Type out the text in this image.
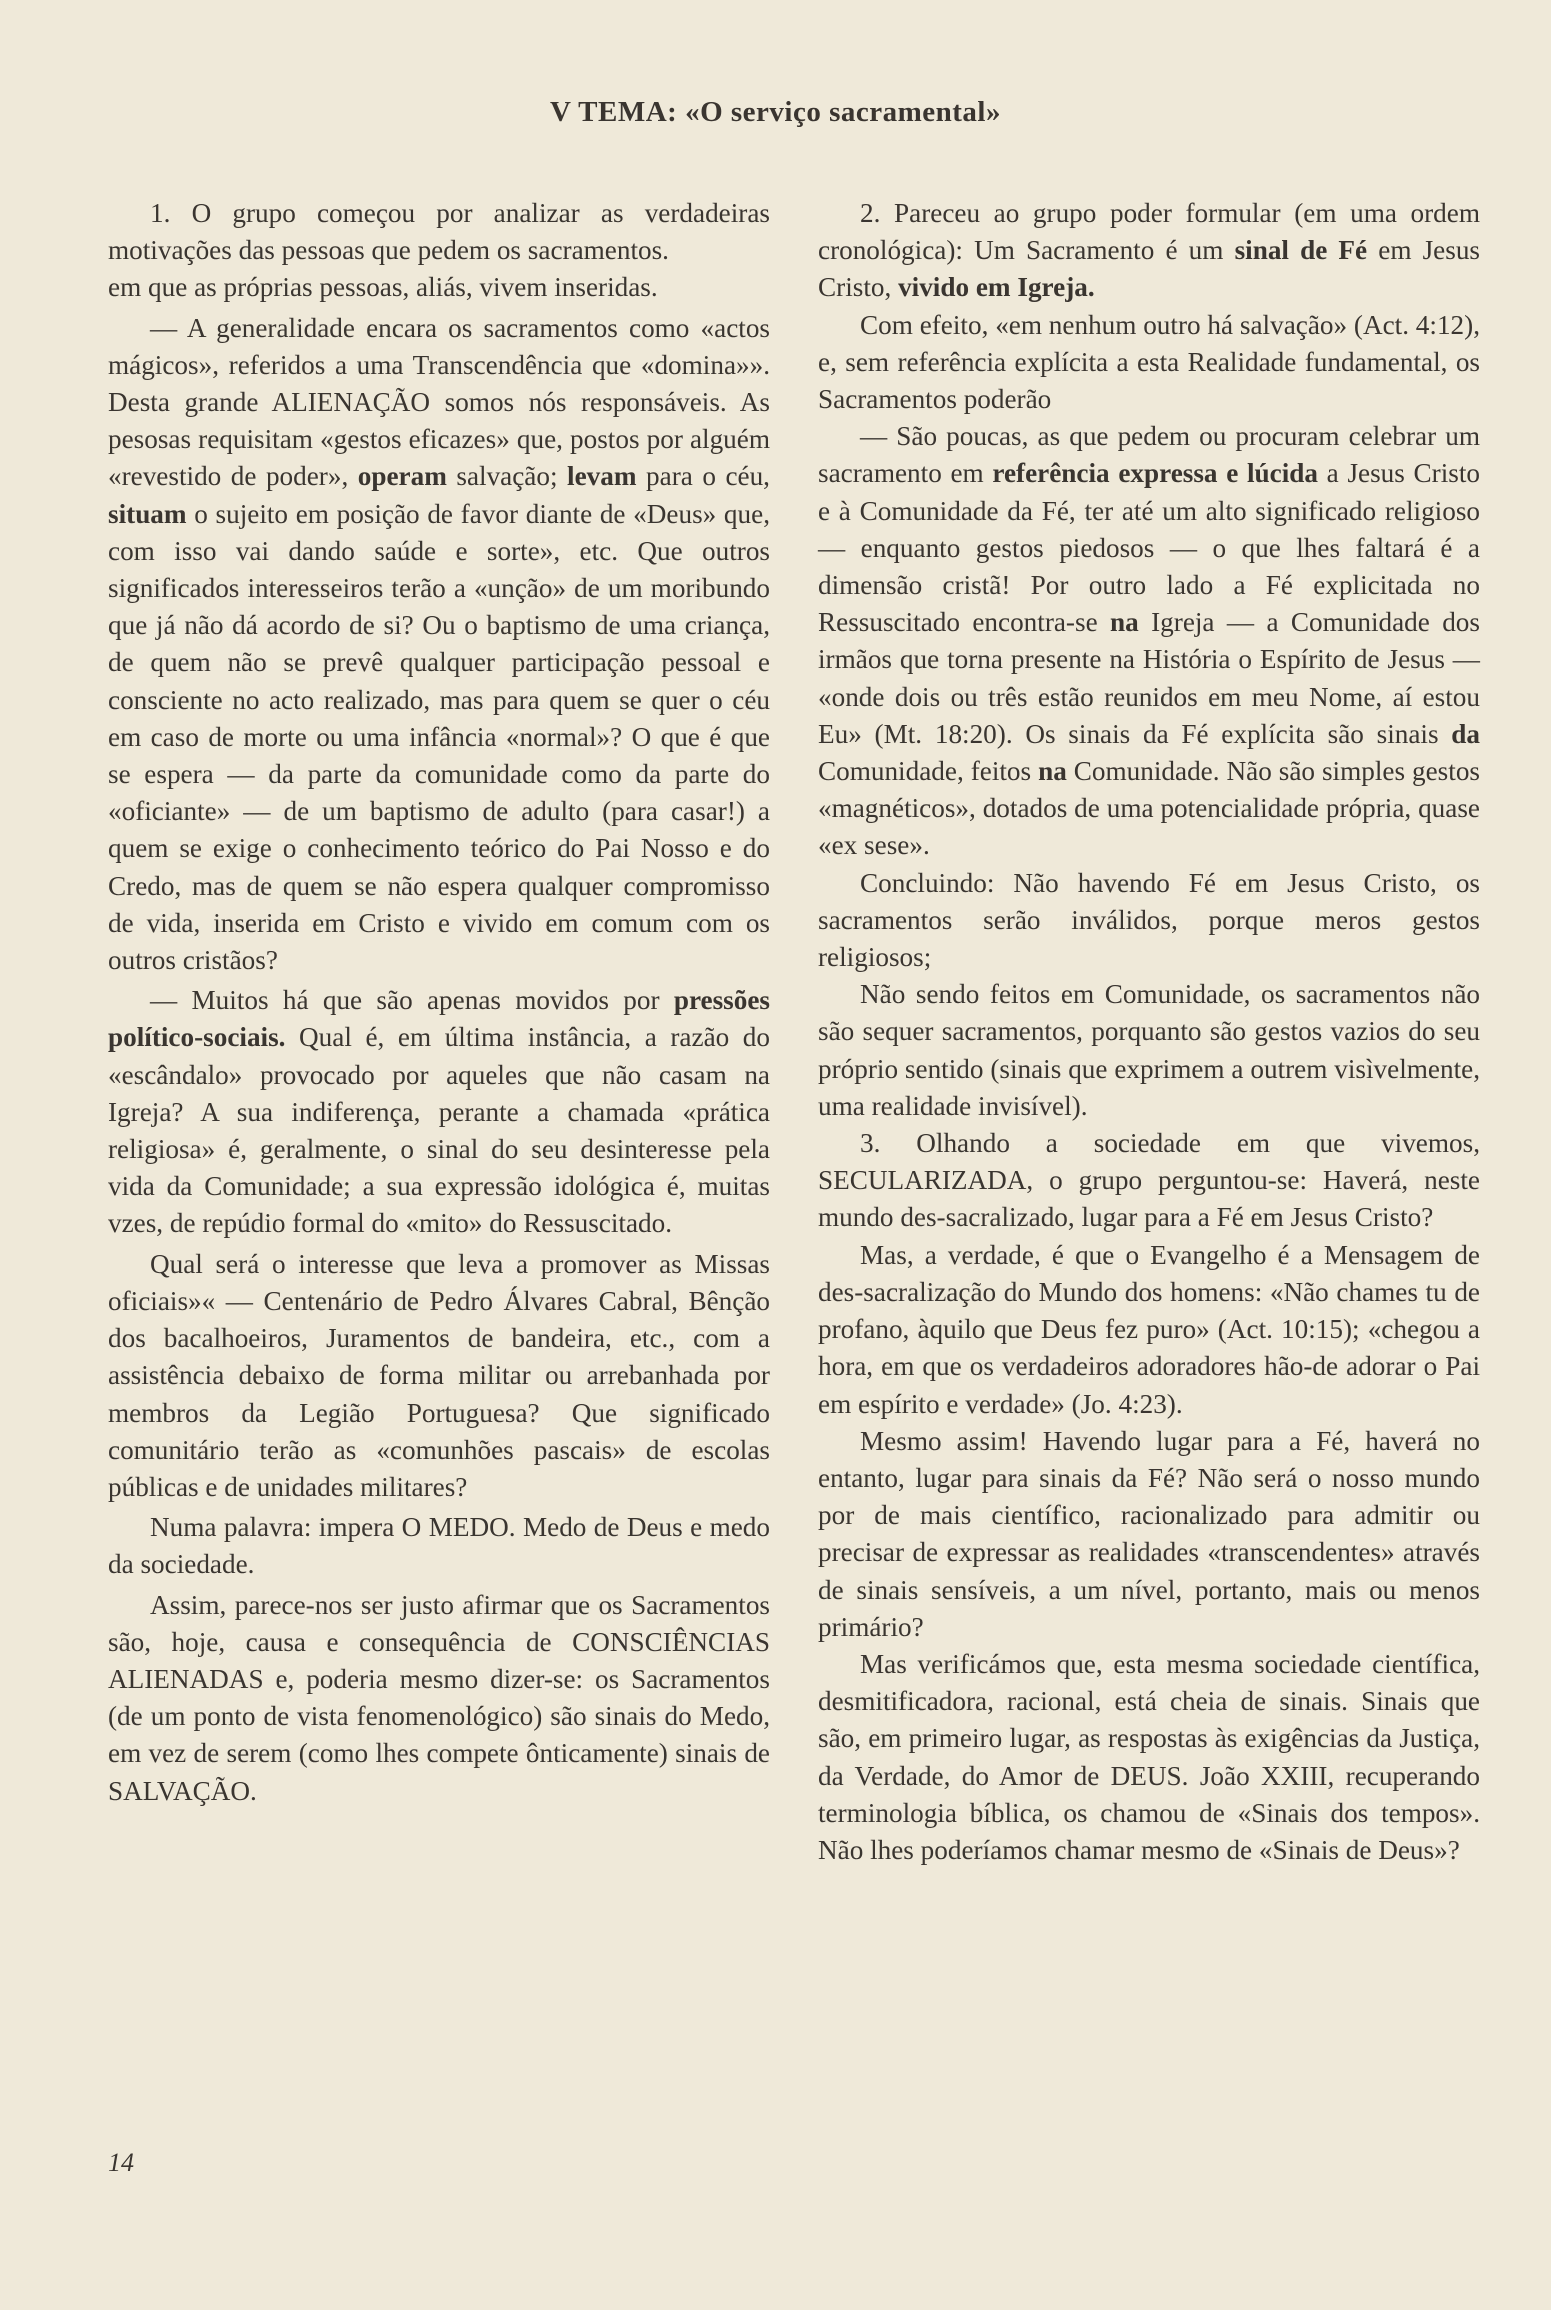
V TEMA: «O serviço sacramental»

1. O grupo começou por analizar as verdadeiras motivações das pessoas que pedem os sacramentos.

em que as próprias pessoas, aliás, vivem inseridas.

— A generalidade encara os sacramentos como «actos mágicos», referidos a uma Transcendência que «domina»». Desta grande ALIENAÇÃO somos nós responsáveis. As pesosas requisitam «gestos eficazes» que, postos por alguém «revestido de poder», operam salvação; levam para o céu, situam o sujeito em posição de favor diante de «Deus» que, com isso vai dando saúde e sorte», etc. Que outros significados interesseiros terão a «unção» de um moribundo que já não dá acordo de si? Ou o baptismo de uma criança, de quem não se prevê qualquer participação pessoal e consciente no acto realizado, mas para quem se quer o céu em caso de morte ou uma infância «normal»? O que é que se espera — da parte da comunidade como da parte do «oficiante» — de um baptismo de adulto (para casar!) a quem se exige o conhecimento teórico do Pai Nosso e do Credo, mas de quem se não espera qualquer compromisso de vida, inserida em Cristo e vivido em comum com os outros cristãos?

— Muitos há que são apenas movidos por pressões político-sociais. Qual é, em última instância, a razão do «escândalo» provocado por aqueles que não casam na Igreja? A sua indiferença, perante a chamada «prática religiosa» é, geralmente, o sinal do seu desinteresse pela vida da Comunidade; a sua expressão idológica é, muitas vzes, de repúdio formal do «mito» do Ressuscitado.

Qual será o interesse que leva a promover as Missas oficiais»« — Centenário de Pedro Álvares Cabral, Bênção dos bacalhoeiros, Juramentos de bandeira, etc., com a assistência debaixo de forma militar ou arrebanhada por membros da Legião Portuguesa? Que significado comunitário terão as «comunhões pascais» de escolas públicas e de unidades militares?

Numa palavra: impera O MEDO. Medo de Deus e medo da sociedade.

Assim, parece-nos ser justo afirmar que os Sacramentos são, hoje, causa e consequência de CONSCIÊNCIAS ALIENADAS e, poderia mesmo dizer-se: os Sacramentos (de um ponto de vista fenomenológico) são sinais do Medo, em vez de serem (como lhes compete ônticamente) sinais de SALVAÇÃO.

2. Pareceu ao grupo poder formular (em uma ordem cronológica): Um Sacramento é um sinal de Fé em Jesus Cristo, vivido em Igreja.

Com efeito, «em nenhum outro há salvação» (Act. 4:12), e, sem referência explícita a esta Realidade fundamental, os Sacramentos poderão

— São poucas, as que pedem ou procuram celebrar um sacramento em referência expressa e lúcida a Jesus Cristo e à Comunidade da Fé, ter até um alto significado religioso — enquanto gestos piedosos — o que lhes faltará é a dimensão cristã! Por outro lado a Fé explicitada no Ressuscitado encontra-se na Igreja — a Comunidade dos irmãos que torna presente na História o Espírito de Jesus — «onde dois ou três estão reunidos em meu Nome, aí estou Eu» (Mt. 18:20). Os sinais da Fé explícita são sinais da Comunidade, feitos na Comunidade. Não são simples gestos «magnéticos», dotados de uma potencialidade própria, quase «ex sese».

Concluindo: Não havendo Fé em Jesus Cristo, os sacramentos serão inválidos, porque meros gestos religiosos;

Não sendo feitos em Comunidade, os sacramentos não são sequer sacramentos, porquanto são gestos vazios do seu próprio sentido (sinais que exprimem a outrem visìvelmente, uma realidade invisível).

3. Olhando a sociedade em que vivemos, SECULARIZADA, o grupo perguntou-se: Haverá, neste mundo des-sacralizado, lugar para a Fé em Jesus Cristo?

Mas, a verdade, é que o Evangelho é a Mensagem de des-sacralização do Mundo dos homens: «Não chames tu de profano, àquilo que Deus fez puro» (Act. 10:15); «chegou a hora, em que os verdadeiros adoradores hão-de adorar o Pai em espírito e verdade» (Jo. 4:23).

Mesmo assim! Havendo lugar para a Fé, haverá no entanto, lugar para sinais da Fé? Não será o nosso mundo por de mais científico, racionalizado para admitir ou precisar de expressar as realidades «transcendentes» através de sinais sensíveis, a um nível, portanto, mais ou menos primário?

Mas verificámos que, esta mesma sociedade científica, desmitificadora, racional, está cheia de sinais. Sinais que são, em primeiro lugar, as respostas às exigências da Justiça, da Verdade, do Amor de DEUS. João XXIII, recuperando terminologia bíblica, os chamou de «Sinais dos tempos». Não lhes poderíamos chamar mesmo de «Sinais de Deus»?

14
